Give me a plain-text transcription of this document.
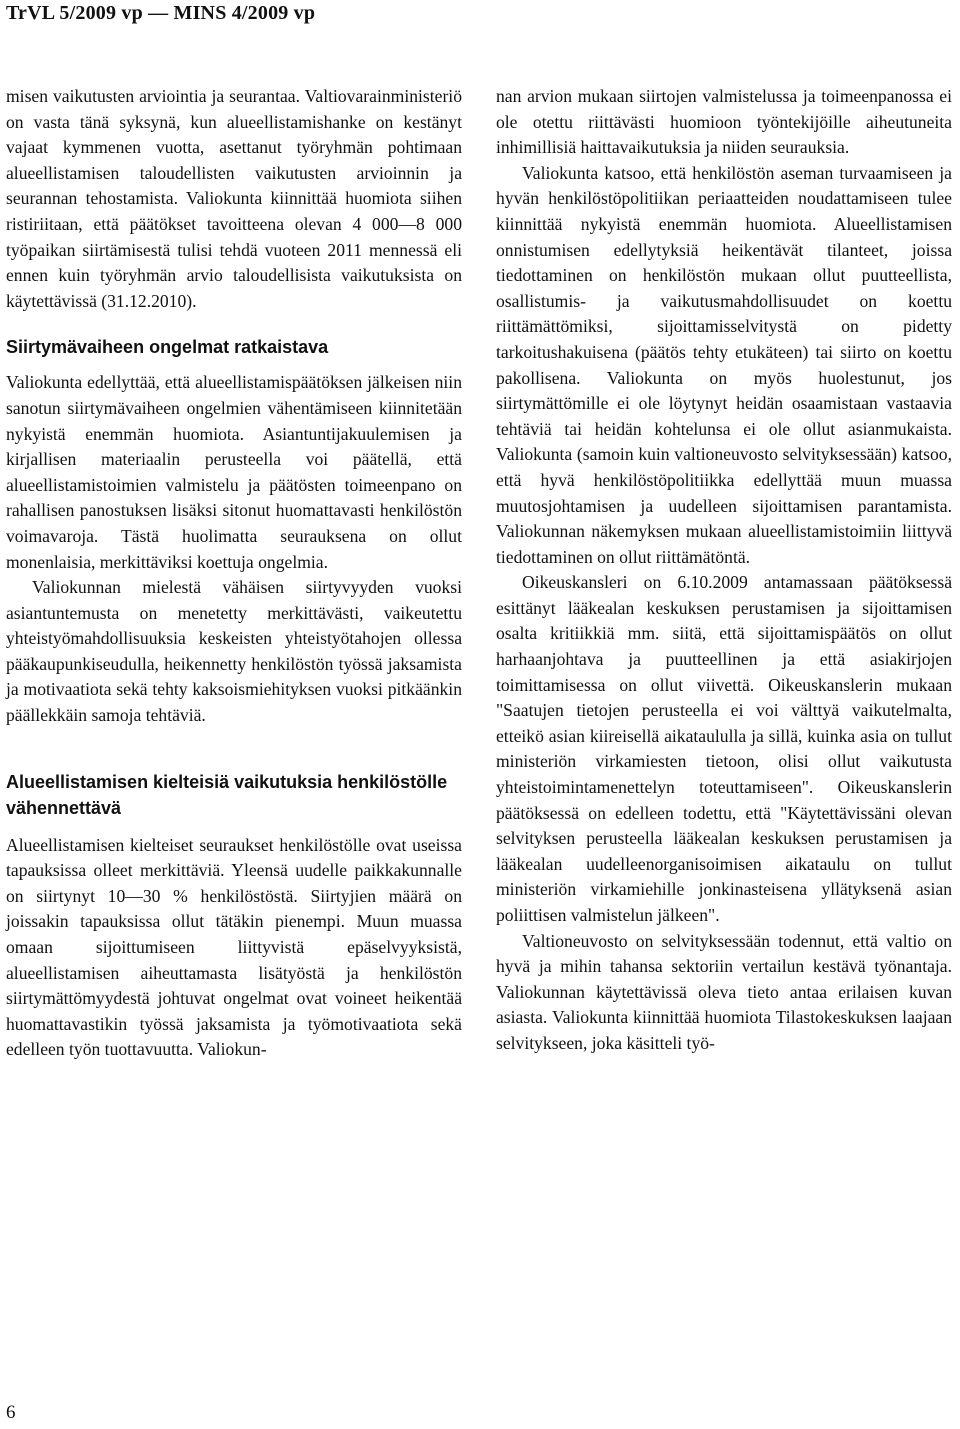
TrVL 5/2009 vp — MINS 4/2009 vp

misen vaikutusten arviointia ja seurantaa. Valtiovarainministeriö on vasta tänä syksynä, kun alueellistamishanke on kestänyt vajaat kymmenen vuotta, asettanut työryhmän pohtimaan alueellistamisen taloudellisten vaikutusten arvioinnin ja seurannan tehostamista. Valiokunta kiinnittää huomiota siihen ristiriitaan, että päätökset tavoitteena olevan 4 000—8 000 työpaikan siirtämisestä tulisi tehdä vuoteen 2011 mennessä eli ennen kuin työryhmän arvio taloudellisista vaikutuksista on käytettävissä (31.12.2010).

Siirtymävaiheen ongelmat ratkaistava

Valiokunta edellyttää, että alueellistamispäätöksen jälkeisen niin sanotun siirtymävaiheen ongelmien vähentämiseen kiinnitetään nykyistä enemmän huomiota. Asiantuntijakuulemisen ja kirjallisen materiaalin perusteella voi päätellä, että alueellistamistoimien valmistelu ja päätösten toimeenpano on rahallisen panostuksen lisäksi sitonut huomattavasti henkilöstön voimavaroja. Tästä huolimatta seurauksena on ollut monenlaisia, merkittäviksi koettuja ongelmia.

Valiokunnan mielestä vähäisen siirtyvyyden vuoksi asiantuntemusta on menetetty merkittävästi, vaikeutettu yhteistyömahdollisuuksia keskeisten yhteistyötahojen ollessa pääkaupunkiseudulla, heikennetty henkilöstön työssä jaksamista ja motivaatiota sekä tehty kaksoismiehityksen vuoksi pitkäänkin päällekkäin samoja tehtäviä.

Alueellistamisen kielteisiä vaikutuksia henkilöstölle vähennettävä

Alueellistamisen kielteiset seuraukset henkilöstölle ovat useissa tapauksissa olleet merkittäviä. Yleensä uudelle paikkakunnalle on siirtynyt 10—30 % henkilöstöstä. Siirtyjien määrä on joissakin tapauksissa ollut tätäkin pienempi. Muun muassa omaan sijoittumiseen liittyvistä epäselvyyksistä, alueellistamisen aiheuttamasta lisätyöstä ja henkilöstön siirtymättömyydestä johtuvat ongelmat ovat voineet heikentää huomattavastikin työssä jaksamista ja työmotivaatiota sekä edelleen työn tuottavuutta. Valiokun-

nan arvion mukaan siirtojen valmistelussa ja toimeenpanossa ei ole otettu riittävästi huomioon työntekijöille aiheutuneita inhimillisiä haittavaikutuksia ja niiden seurauksia.

Valiokunta katsoo, että henkilöstön aseman turvaamiseen ja hyvän henkilöstöpolitiikan periaatteiden noudattamiseen tulee kiinnittää nykyistä enemmän huomiota. Alueellistamisen onnistumisen edellytyksiä heikentävät tilanteet, joissa tiedottaminen on henkilöstön mukaan ollut puutteellista, osallistumis- ja vaikutusmahdollisuudet on koettu riittämättömiksi, sijoittamisselvitystä on pidetty tarkoitushakuisena (päätös tehty etukäteen) tai siirto on koettu pakollisena. Valiokunta on myös huolestunut, jos siirtymättömille ei ole löytynyt heidän osaamistaan vastaavia tehtäviä tai heidän kohtelunsa ei ole ollut asianmukaista. Valiokunta (samoin kuin valtioneuvosto selvityksessään) katsoo, että hyvä henkilöstöpolitiikka edellyttää muun muassa muutosjohtamisen ja uudelleen sijoittamisen parantamista. Valiokunnan näkemyksen mukaan alueellistamistoimiin liittyvä tiedottaminen on ollut riittämätöntä.

Oikeuskansleri on 6.10.2009 antamassaan päätöksessä esittänyt lääkealan keskuksen perustamisen ja sijoittamisen osalta kritiikkiä mm. siitä, että sijoittamispäätös on ollut harhaanjohtava ja puutteellinen ja että asiakirjojen toimittamisessa on ollut viivettä. Oikeuskanslerin mukaan "Saatujen tietojen perusteella ei voi välttyä vaikutelmalta, etteikö asian kiireisellä aikataululla ja sillä, kuinka asia on tullut ministeriön virkamiesten tietoon, olisi ollut vaikutusta yhteistoimintamenettelyn toteuttamiseen". Oikeuskanslerin päätöksessä on edelleen todettu, että "Käytettävissäni olevan selvityksen perusteella lääkealan keskuksen perustamisen ja lääkealan uudelleenorganisoimisen aikataulu on tullut ministeriön virkamiehille jonkinasteisena yllätyksenä asian poliittisen valmistelun jälkeen".

Valtioneuvosto on selvityksessään todennut, että valtio on hyvä ja mihin tahansa sektoriin vertailun kestävä työnantaja. Valiokunnan käytettävissä oleva tieto antaa erilaisen kuvan asiasta. Valiokunta kiinnittää huomiota Tilastokeskuksen laajaan selvitykseen, joka käsitteli työ-

6
